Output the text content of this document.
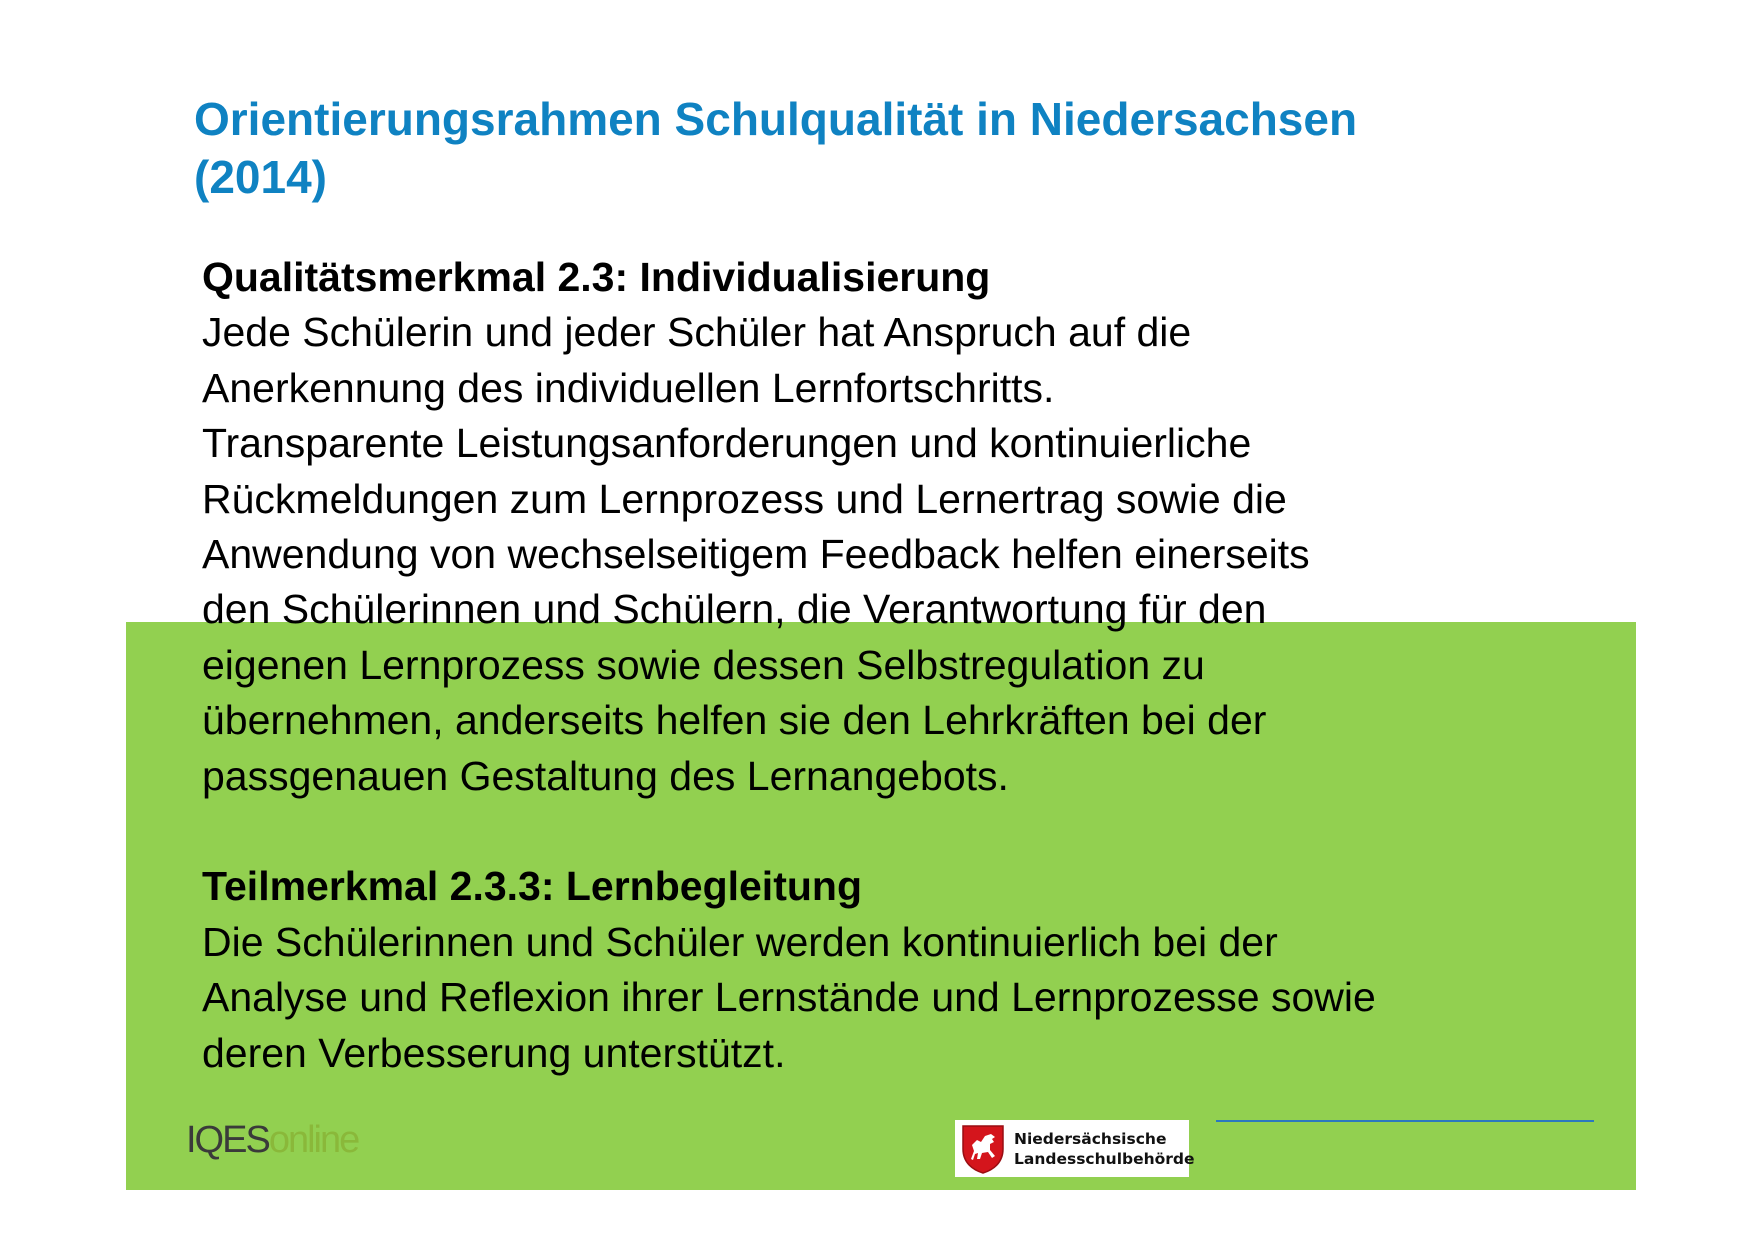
Orientierungsrahmen Schulqualität in Niedersachsen
(2014)
Qualitätsmerkmal 2.3: Individualisierung
Jede Schülerin und jeder Schüler hat Anspruch auf die
Anerkennung des individuellen Lernfortschritts.
Transparente Leistungsanforderungen und kontinuierliche
Rückmeldungen zum Lernprozess und Lernertrag sowie die
Anwendung von wechselseitigem Feedback helfen einerseits
den Schülerinnen und Schülern, die Verantwortung für den
eigenen Lernprozess sowie dessen Selbstregulation zu
übernehmen, anderseits helfen sie den Lehrkräften bei der
passgenauen Gestaltung des Lernangebots.
Teilmerkmal 2.3.3: Lernbegleitung
Die Schülerinnen und Schüler werden kontinuierlich bei der
Analyse und Reflexion ihrer Lernstände und Lernprozesse sowie
deren Verbesserung unterstützt.
IQESonline	Niedersächsische
Landesschulbehörde
